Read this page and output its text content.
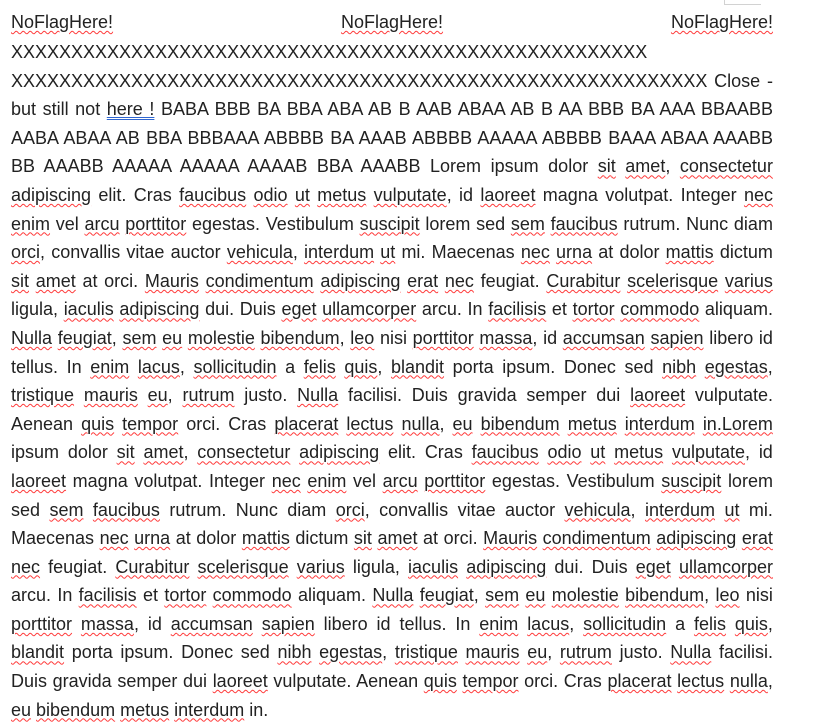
NoFlagHere!	NoFlagHere!	NoFlagHere!
XXXXXXXXXXXXXXXXXXXXXXXXXXXXXXXXXXXXXXXXXXXXXXXXXXXXX
XXXXXXXXXXXXXXXXXXXXXXXXXXXXXXXXXXXXXXXXXXXXXXXXXXXXXXXXXX Close - but still not here ! BABA BBB BA BBA ABA AB B AAB ABAA AB B AA BBB BA AAA BBAABB AABA ABAA AB BBA BBBAAA ABBBB BA AAAB ABBBB AAAAA ABBBB BAAA ABAA AAABB BB AAABB AAAAA AAAAA AAAAB BBA AAABB Lorem ipsum dolor sit amet, consectetur adipiscing elit. Cras faucibus odio ut metus vulputate, id laoreet magna volutpat. Integer nec enim vel arcu porttitor egestas. Vestibulum suscipit lorem sed sem faucibus rutrum. Nunc diam orci, convallis vitae auctor vehicula, interdum ut mi. Maecenas nec urna at dolor mattis dictum sit amet at orci. Mauris condimentum adipiscing erat nec feugiat. Curabitur scelerisque varius ligula, iaculis adipiscing dui. Duis eget ullamcorper arcu. In facilisis et tortor commodo aliquam. Nulla feugiat, sem eu molestie bibendum, leo nisi porttitor massa, id accumsan sapien libero id tellus. In enim lacus, sollicitudin a felis quis, blandit porta ipsum. Donec sed nibh egestas, tristique mauris eu, rutrum justo. Nulla facilisi. Duis gravida semper dui laoreet vulputate. Aenean quis tempor orci. Cras placerat lectus nulla, eu bibendum metus interdum in.Lorem ipsum dolor sit amet, consectetur adipiscing elit. Cras faucibus odio ut metus vulputate, id laoreet magna volutpat. Integer nec enim vel arcu porttitor egestas. Vestibulum suscipit lorem sed sem faucibus rutrum. Nunc diam orci, convallis vitae auctor vehicula, interdum ut mi. Maecenas nec urna at dolor mattis dictum sit amet at orci. Mauris condimentum adipiscing erat nec feugiat. Curabitur scelerisque varius ligula, iaculis adipiscing dui. Duis eget ullamcorper arcu. In facilisis et tortor commodo aliquam. Nulla feugiat, sem eu molestie bibendum, leo nisi porttitor massa, id accumsan sapien libero id tellus. In enim lacus, sollicitudin a felis quis, blandit porta ipsum. Donec sed nibh egestas, tristique mauris eu, rutrum justo. Nulla facilisi. Duis gravida semper dui laoreet vulputate. Aenean quis tempor orci. Cras placerat lectus nulla, eu bibendum metus interdum in.
